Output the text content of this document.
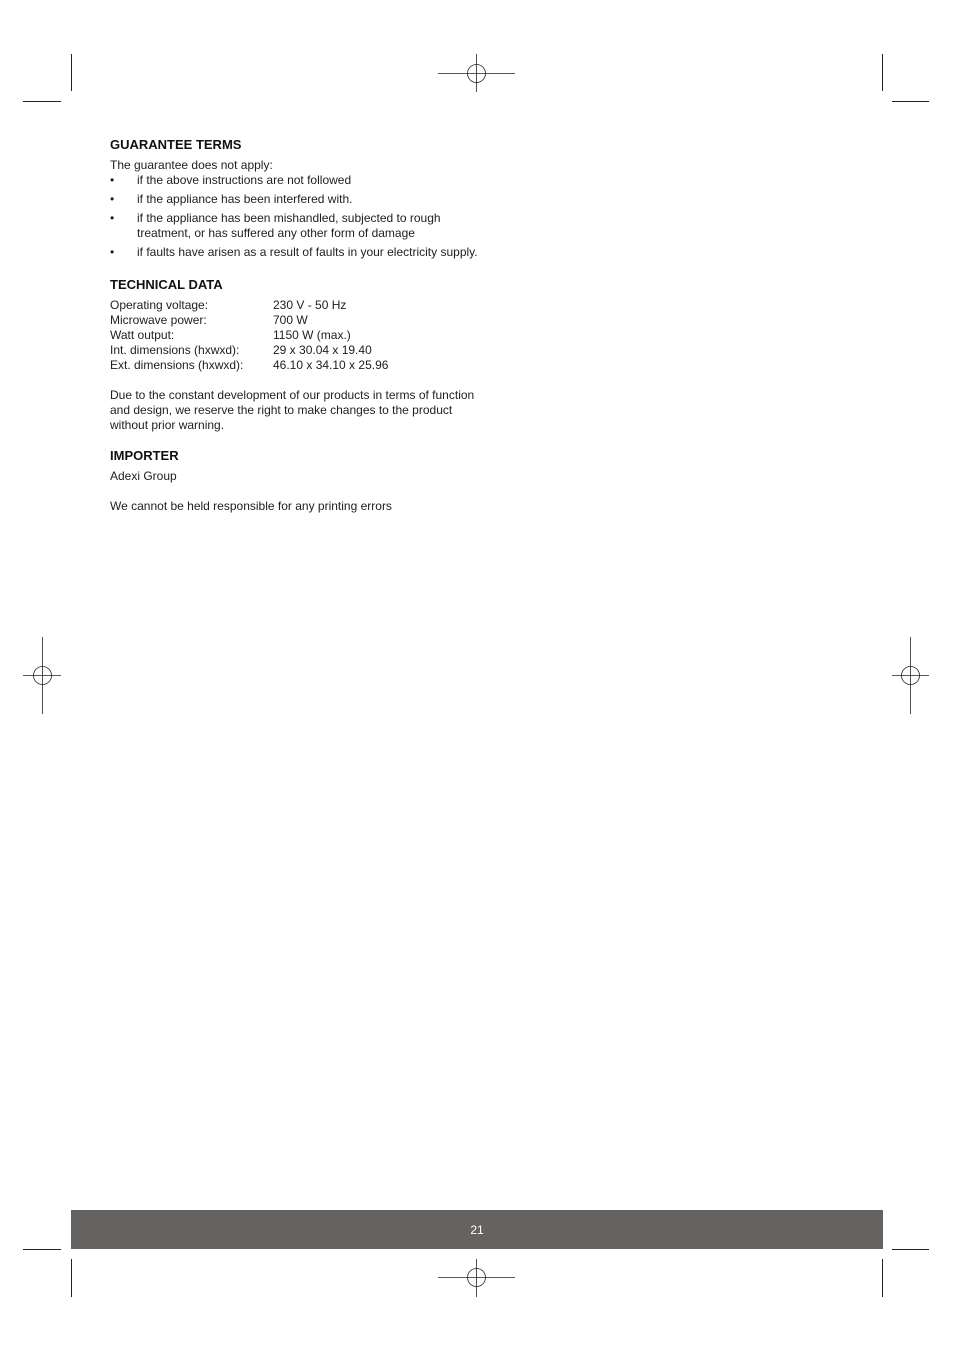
GUARANTEE TERMS

The guarantee does not apply:

• if the above instructions are not followed
• if the appliance has been interfered with.
• if the appliance has been mishandled, subjected to rough treatment, or has suffered any other form of damage
• if faults have arisen as a result of faults in your electricity supply.
TECHNICAL DATA
Operating voltage:	230 V - 50 Hz
Microwave power:	700 W
Watt output:	1150 W (max.)
Int. dimensions (hxwxd):	29 x 30.04 x 19.40
Ext. dimensions (hxwxd):	46.10 x 34.10 x 25.96

Due to the constant development of our products in terms of function and design, we reserve the right to make changes to the product without prior warning.

IMPORTER

Adexi Group

We cannot be held responsible for any printing errors

21
